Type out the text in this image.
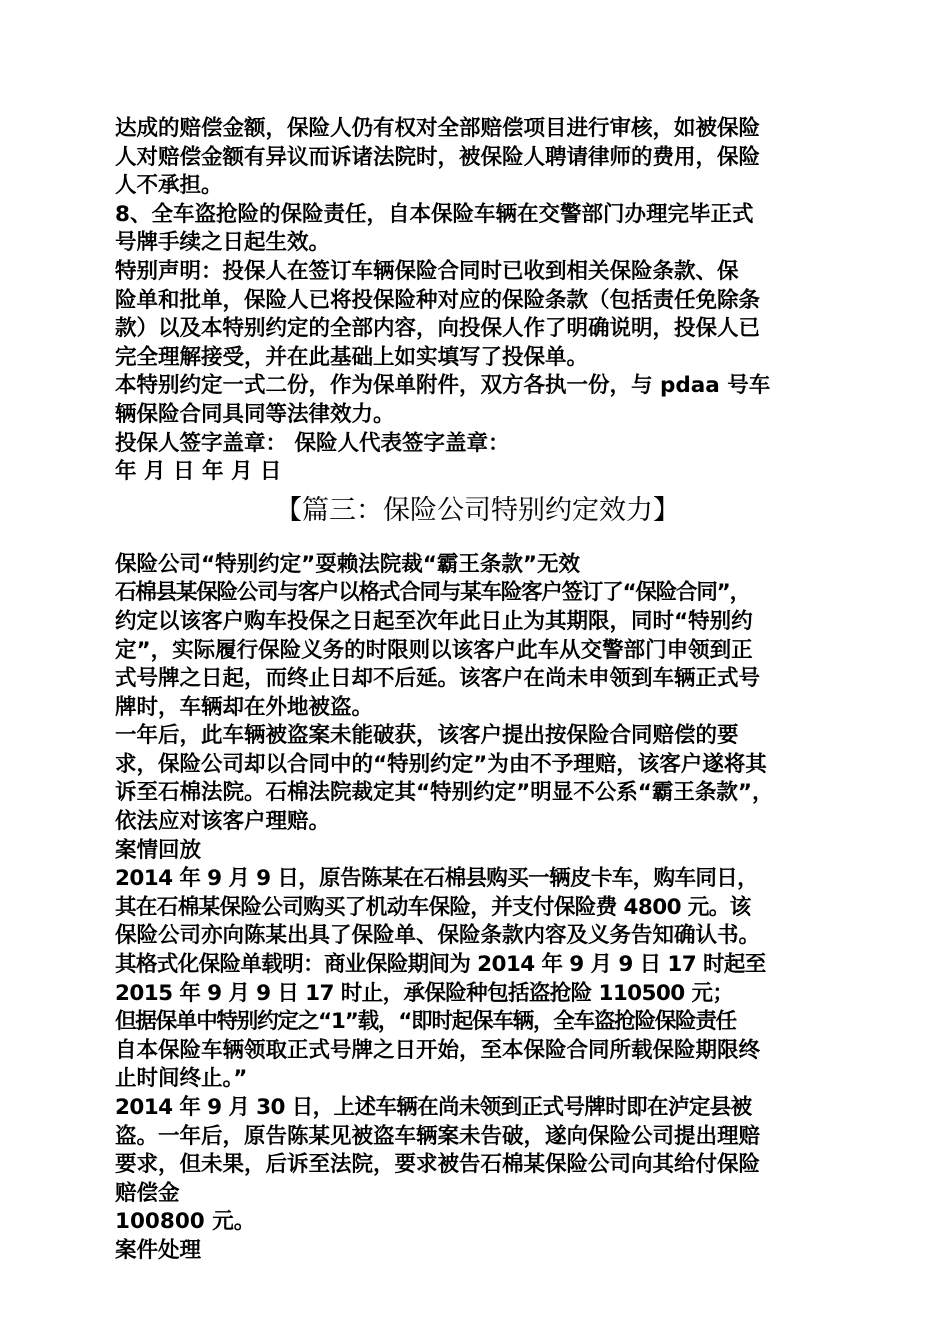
达成的赔偿金额，保险人仍有权对全部赔偿项目进行审核，如被保险
人对赔偿金额有异议而诉诸法院时，被保险人聘请律师的费用，保险
人不承担。
8、全车盗抢险的保险责任，自本保险车辆在交警部门办理完毕正式
号牌手续之日起生效。
特别声明：投保人在签订车辆保险合同时已收到相关保险条款、保
险单和批单，保险人已将投保险种对应的保险条款（包括责任免除条
款）以及本特别约定的全部内容，向投保人作了明确说明，投保人已
完全理解接受，并在此基础上如实填写了投保单。
本特别约定一式二份，作为保单附件，双方各执一份，与 pdaa 号车
辆保险合同具同等法律效力。
投保人签字盖章： 保险人代表签字盖章：
年 月 日 年 月 日
【篇三：保险公司特别约定效力】
保险公司“特别约定”耍赖法院裁“霸王条款”无效
石棉县某保险公司与客户以格式合同与某车险客户签订了“保险合同”，
约定以该客户购车投保之日起至次年此日止为其期限，同时“特别约
定”，实际履行保险义务的时限则以该客户此车从交警部门申领到正
式号牌之日起，而终止日却不后延。该客户在尚未申领到车辆正式号
牌时，车辆却在外地被盗。
一年后，此车辆被盗案未能破获，该客户提出按保险合同赔偿的要
求，保险公司却以合同中的“特别约定”为由不予理赔，该客户遂将其
诉至石棉法院。石棉法院裁定其“特别约定”明显不公系“霸王条款”，
依法应对该客户理赔。
案情回放
2014 年 9 月 9 日，原告陈某在石棉县购买一辆皮卡车，购车同日，
其在石棉某保险公司购买了机动车保险，并支付保险费 4800 元。该
保险公司亦向陈某出具了保险单、保险条款内容及义务告知确认书。
其格式化保险单载明：商业保险期间为 2014 年 9 月 9 日 17 时起至
2015 年 9 月 9 日 17 时止，承保险种包括盗抢险 110500 元；
但据保单中特别约定之“1”载，“即时起保车辆，全车盗抢险保险责任
自本保险车辆领取正式号牌之日开始，至本保险合同所载保险期限终
止时间终止。”
2014 年 9 月 30 日，上述车辆在尚未领到正式号牌时即在泸定县被
盗。一年后，原告陈某见被盗车辆案未告破，遂向保险公司提出理赔
要求，但未果，后诉至法院，要求被告石棉某保险公司向其给付保险
赔偿金
100800 元。
案件处理
